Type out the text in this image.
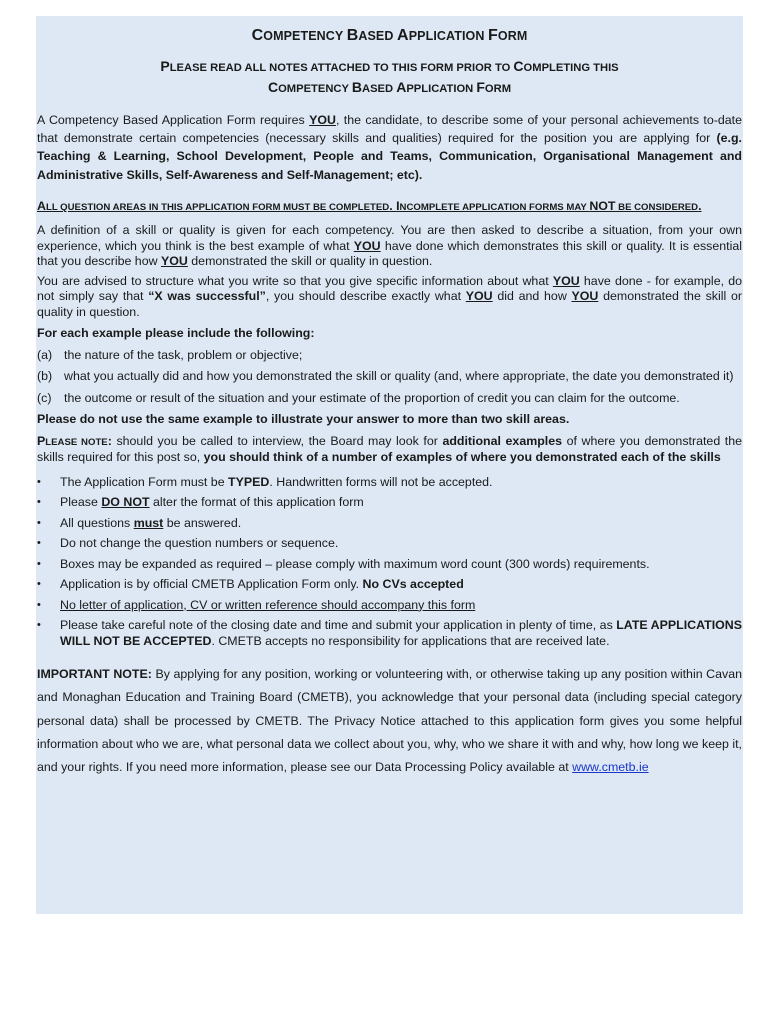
COMPETENCY BASED APPLICATION FORM
PLEASE READ ALL NOTES ATTACHED TO THIS FORM PRIOR TO COMPLETING THIS
COMPETENCY BASED APPLICATION FORM

A Competency Based Application Form requires YOU, the candidate, to describe some of your personal achievements to-date that demonstrate certain competencies (necessary skills and qualities) required for the position you are applying for (e.g. Teaching & Learning, School Development, People and Teams, Communication, Organisational Management and Administrative Skills, Self-Awareness and Self-Management; etc).

ALL QUESTION AREAS IN THIS APPLICATION FORM MUST BE COMPLETED. INCOMPLETE APPLICATION FORMS MAY NOT BE CONSIDERED.

A definition of a skill or quality is given for each competency. You are then asked to describe a situation, from your own experience, which you think is the best example of what YOU have done which demonstrates this skill or quality. It is essential that you describe how YOU demonstrated the skill or quality in question.

You are advised to structure what you write so that you give specific information about what YOU have done - for example, do not simply say that “X was successful”, you should describe exactly what YOU did and how YOU demonstrated the skill or quality in question.

For each example please include the following:

(a) the nature of the task, problem or objective;
(b) what you actually did and how you demonstrated the skill or quality (and, where appropriate, the date you demonstrated it)
(c) the outcome or result of the situation and your estimate of the proportion of credit you can claim for the outcome.

Please do not use the same example to illustrate your answer to more than two skill areas.

PLEASE NOTE: should you be called to interview, the Board may look for additional examples of where you demonstrated the skills required for this post so, you should think of a number of examples of where you demonstrated each of the skills

• The Application Form must be TYPED. Handwritten forms will not be accepted.
• Please DO NOT alter the format of this application form
• All questions must be answered.
• Do not change the question numbers or sequence.
• Boxes may be expanded as required – please comply with maximum word count (300 words) requirements.
• Application is by official CMETB Application Form only. No CVs accepted
• No letter of application, CV or written reference should accompany this form
• Please take careful note of the closing date and time and submit your application in plenty of time, as LATE APPLICATIONS WILL NOT BE ACCEPTED. CMETB accepts no responsibility for applications that are received late.

IMPORTANT NOTE: By applying for any position, working or volunteering with, or otherwise taking up any position within Cavan and Monaghan Education and Training Board (CMETB), you acknowledge that your personal data (including special category personal data) shall be processed by CMETB. The Privacy Notice attached to this application form gives you some helpful information about who we are, what personal data we collect about you, why, who we share it with and why, how long we keep it, and your rights. If you need more information, please see our Data Processing Policy available at www.cmetb.ie
